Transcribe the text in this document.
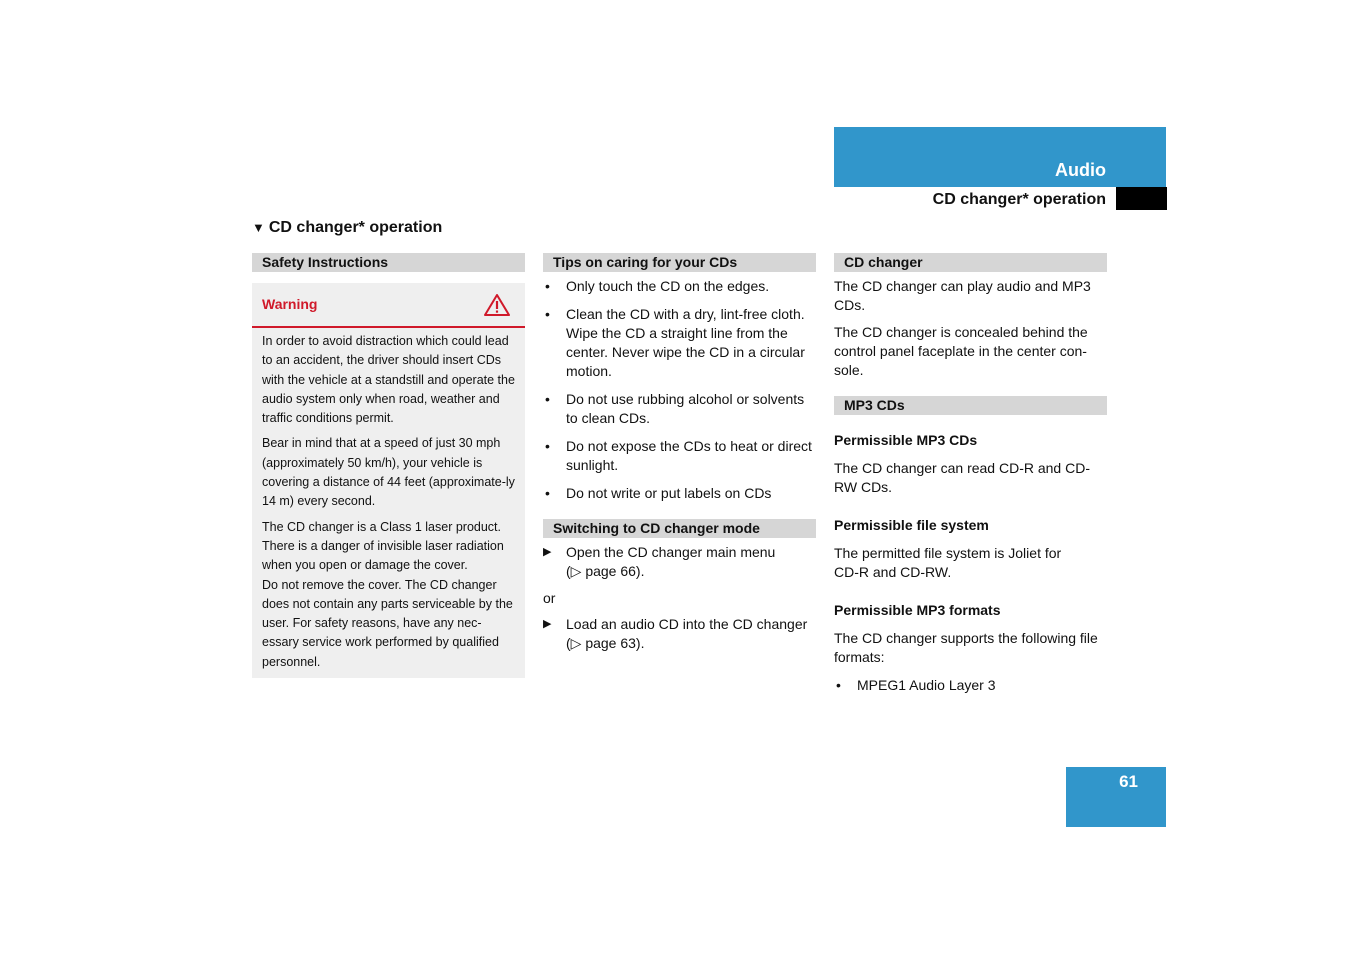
Audio
CD changer* operation
▼ CD changer* operation
Safety Instructions
Warning

In order to avoid distraction which could lead to an accident, the driver should insert CDs with the vehicle at a standstill and operate the audio system only when road, weather and traffic conditions permit.

Bear in mind that at a speed of just 30 mph (approximately 50 km/h), your vehicle is covering a distance of 44 feet (approximate-ly 14 m) every second.

The CD changer is a Class 1 laser product. There is a danger of invisible laser radiation when you open or damage the cover.

Do not remove the cover. The CD changer does not contain any parts serviceable by the user. For safety reasons, have any nec-essary service work performed by qualified personnel.

Tips on caring for your CDs
• Only touch the CD on the edges.
• Clean the CD with a dry, lint-free cloth. Wipe the CD a straight line from the center. Never wipe the CD in a circular motion.
• Do not use rubbing alcohol or solvents to clean CDs.
• Do not expose the CDs to heat or direct sunlight.
• Do not write or put labels on CDs
Switching to CD changer mode
▶ Open the CD changer main menu
(▷ page 66).
or
▶ Load an audio CD into the CD changer
(▷ page 63).
CD changer
The CD changer can play audio and MP3 CDs.
The CD changer is concealed behind the control panel faceplate in the center con-sole.
MP3 CDs
Permissible MP3 CDs
The CD changer can read CD-R and CD-RW CDs.
Permissible file system
The permitted file system is Joliet for
CD-R and CD-RW.
Permissible MP3 formats
The CD changer supports the following file formats:
• MPEG1 Audio Layer 3
61
